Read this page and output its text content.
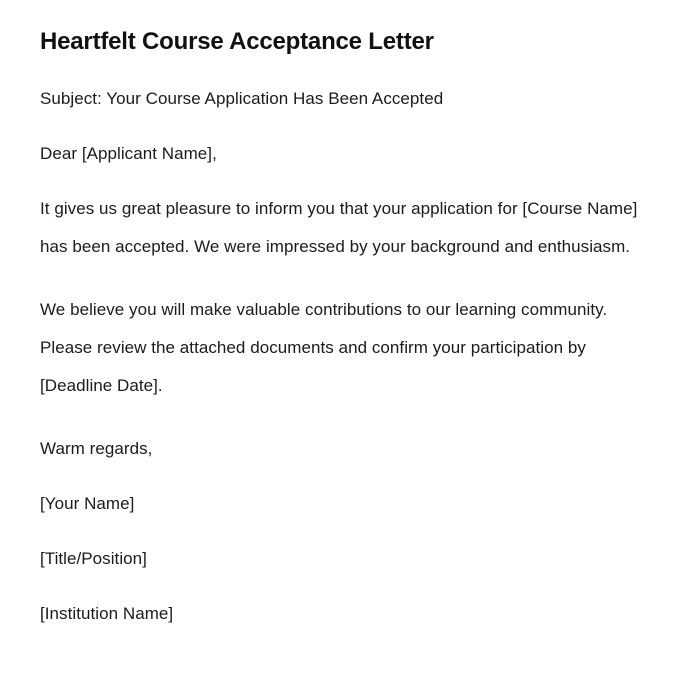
Heartfelt Course Acceptance Letter

Subject: Your Course Application Has Been Accepted

Dear [Applicant Name],

It gives us great pleasure to inform you that your application for [Course Name] has been accepted. We were impressed by your background and enthusiasm.

We believe you will make valuable contributions to our learning community. Please review the attached documents and confirm your participation by [Deadline Date].

Warm regards,

[Your Name]

[Title/Position]

[Institution Name]
